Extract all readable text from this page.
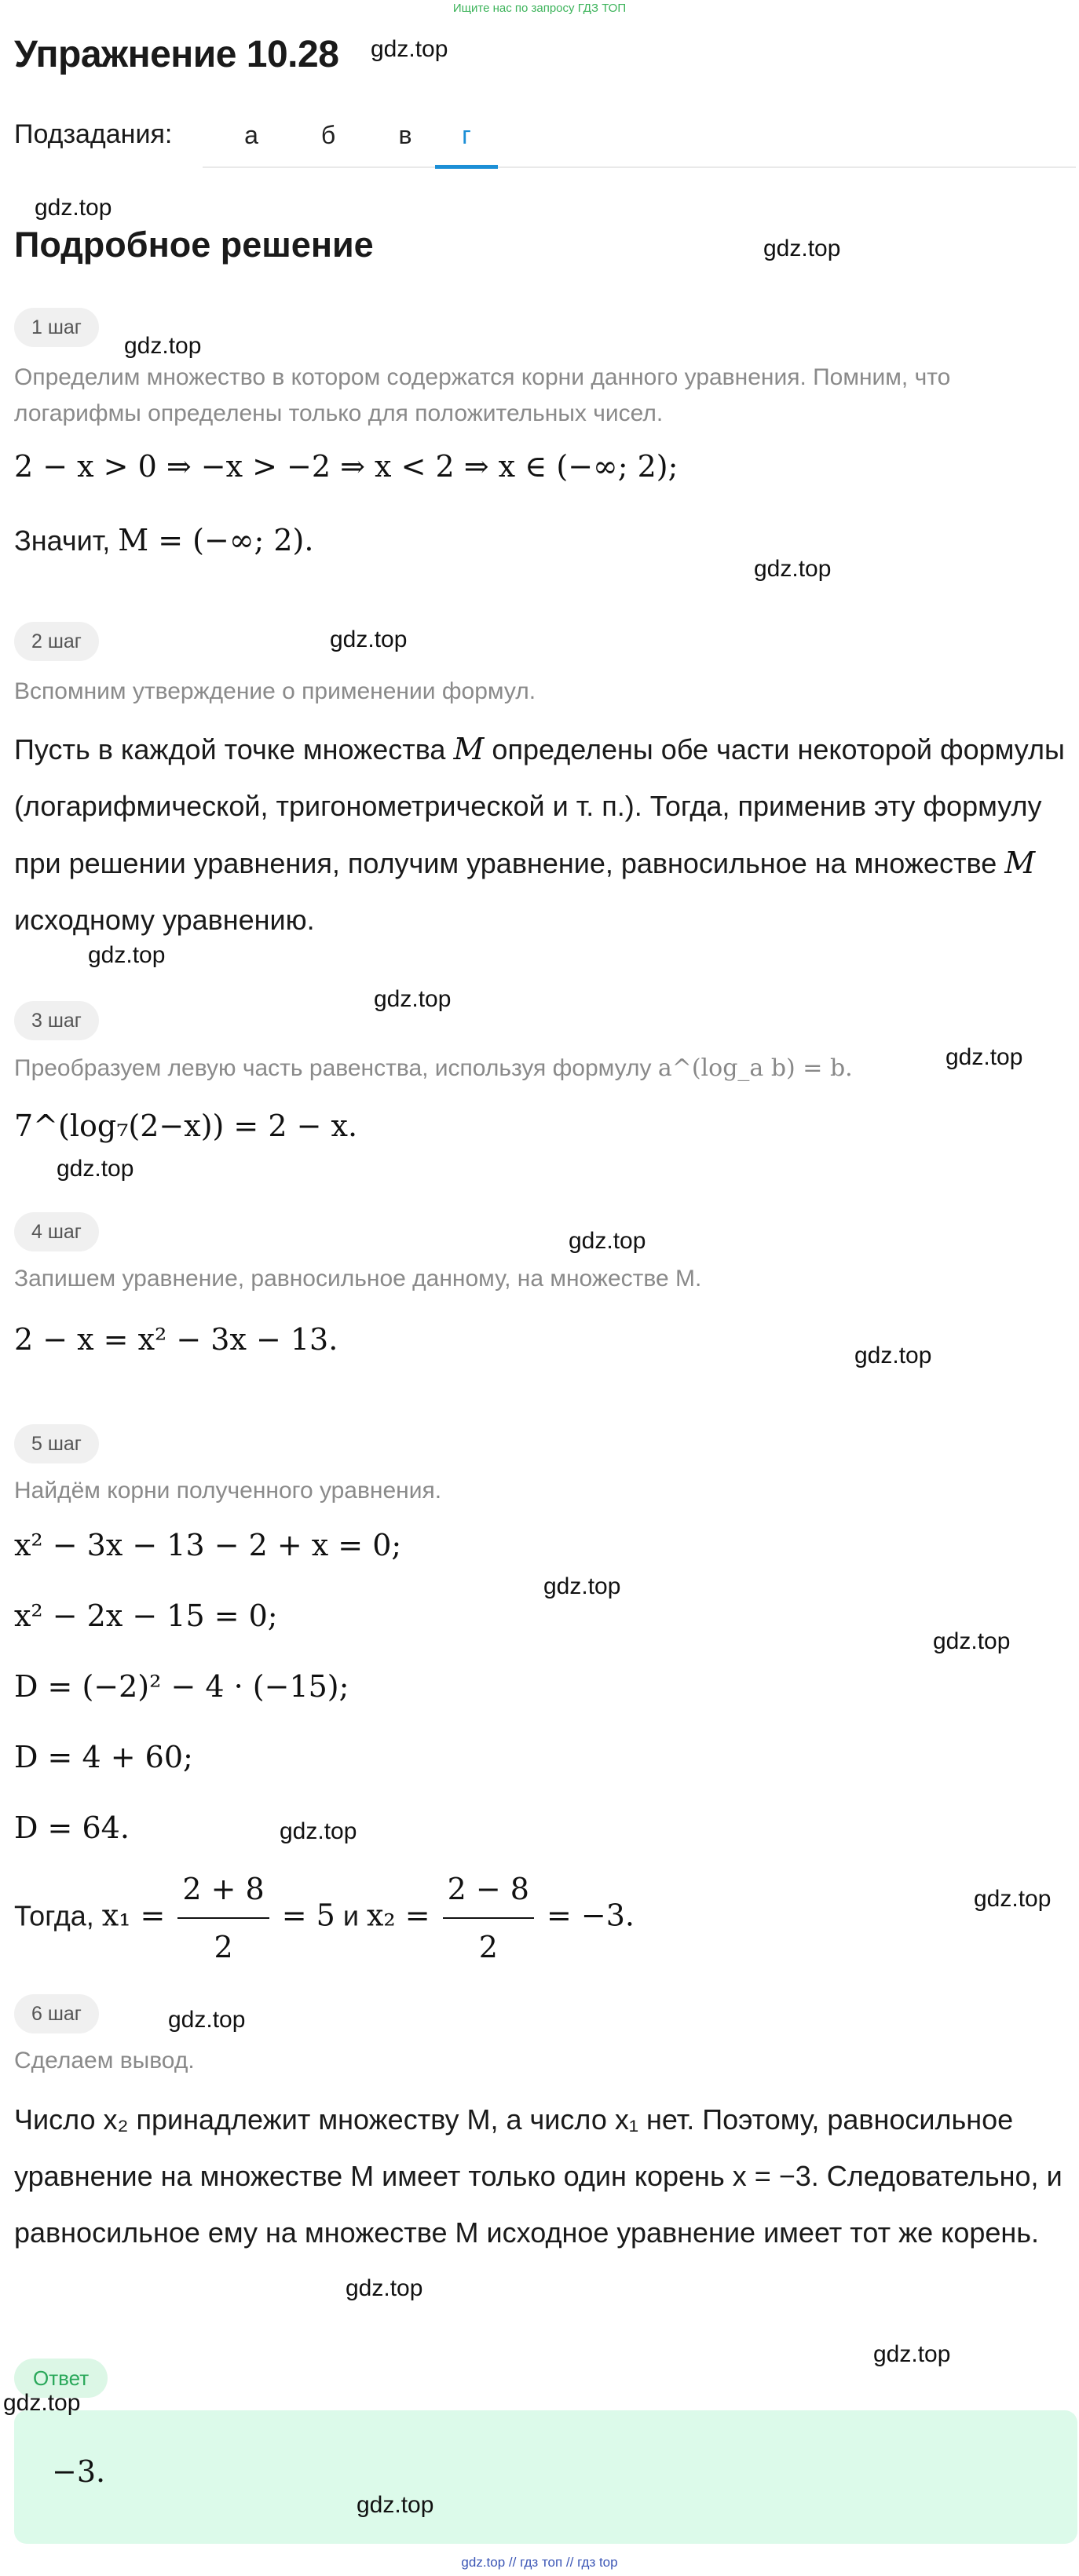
Ищите нас по запросу ГДЗ ТОП
Упражнение 10.28
Подзадания:	а	б	в	г
Подробное решение
1 шаг
Определим множество в котором содержатся корни данного уравнения. Помним, что логарифмы определены только для положительных чисел.
2 − x > 0 ⇒ −x > −2 ⇒ x < 2 ⇒ x ∈ (−∞; 2);
Значит, M = (−∞; 2).
2 шаг
Вспомним утверждение о применении формул.
Пусть в каждой точке множества M определены обе части некоторой формулы (логарифмической, тригонометрической и т. п.). Тогда, применив эту формулу при решении уравнения, получим уравнение, равносильное на множестве M исходному уравнению.
3 шаг
Преобразуем левую часть равенства, используя формулу a^(log_a b) = b.
7^(log₇(2−x)) = 2 − x.
4 шаг
Запишем уравнение, равносильное данному, на множестве M.
2 − x = x² − 3x − 13.
5 шаг
Найдём корни полученного уравнения.
x² − 3x − 13 − 2 + x = 0;
x² − 2x − 15 = 0;
D = (−2)² − 4 · (−15);
D = 4 + 60;
D = 64.
Тогда, $x_1 = \frac{2 + 8}{2} = 5$ и $x_2 = \frac{2 - 8}{2} = -3$.
6 шаг
Сделаем вывод.
Число x₂ принадлежит множеству M, а число x₁ нет. Поэтому, равносильное уравнение на множестве M имеет только один корень x = −3. Следовательно, и равносильное ему на множестве M исходное уравнение имеет тот же корень.
Ответ
−3.
gdz.top // гдз топ // гдз top
gdz.top
gdz.top
gdz.top
gdz.top
gdz.top
gdz.top
gdz.top
gdz.top
gdz.top
gdz.top
gdz.top
gdz.top
gdz.top
gdz.top
gdz.top
gdz.top
gdz.top
gdz.top
gdz.top
gdz.top
gdz.top
